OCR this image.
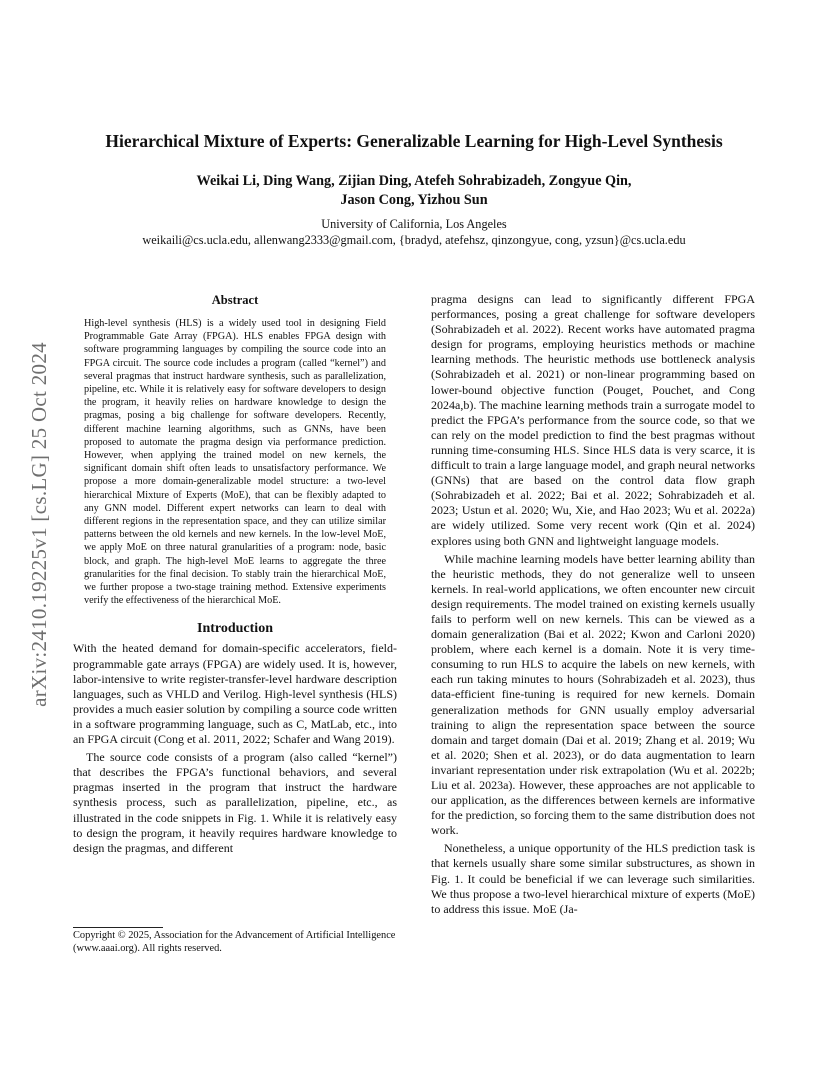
arXiv:2410.19225v1 [cs.LG] 25 Oct 2024
Hierarchical Mixture of Experts: Generalizable Learning for High-Level Synthesis
Weikai Li, Ding Wang, Zijian Ding, Atefeh Sohrabizadeh, Zongyue Qin,
Jason Cong, Yizhou Sun
University of California, Los Angeles
weikaili@cs.ucla.edu, allenwang2333@gmail.com, {bradyd, atefehsz, qinzongyue, cong, yzsun}@cs.ucla.edu
Abstract

High-level synthesis (HLS) is a widely used tool in designing Field Programmable Gate Array (FPGA). HLS enables FPGA design with software programming languages by compiling the source code into an FPGA circuit. The source code includes a program (called “kernel”) and several pragmas that instruct hardware synthesis, such as parallelization, pipeline, etc. While it is relatively easy for software developers to design the program, it heavily relies on hardware knowledge to design the pragmas, posing a big challenge for software developers. Recently, different machine learning algorithms, such as GNNs, have been proposed to automate the pragma design via performance prediction. However, when applying the trained model on new kernels, the significant domain shift often leads to unsatisfactory performance. We propose a more domain-generalizable model structure: a two-level hierarchical Mixture of Experts (MoE), that can be flexibly adapted to any GNN model. Different expert networks can learn to deal with different regions in the representation space, and they can utilize similar patterns between the old kernels and new kernels. In the low-level MoE, we apply MoE on three natural granularities of a program: node, basic block, and graph. The high-level MoE learns to aggregate the three granularities for the final decision. To stably train the hierarchical MoE, we further propose a two-stage training method. Extensive experiments verify the effectiveness of the hierarchical MoE.

Introduction

With the heated demand for domain-specific accelerators, field-programmable gate arrays (FPGA) are widely used. It is, however, labor-intensive to write register-transfer-level hardware description languages, such as VHLD and Verilog. High-level synthesis (HLS) provides a much easier solution by compiling a source code written in a software programming language, such as C, MatLab, etc., into an FPGA circuit (Cong et al. 2011, 2022; Schafer and Wang 2019).

The source code consists of a program (also called “kernel”) that describes the FPGA’s functional behaviors, and several pragmas inserted in the program that instruct the hardware synthesis process, such as parallelization, pipeline, etc., as illustrated in the code snippets in Fig. 1. While it is relatively easy to design the program, it heavily requires hardware knowledge to design the pragmas, and different

pragma designs can lead to significantly different FPGA performances, posing a great challenge for software developers (Sohrabizadeh et al. 2022). Recent works have automated pragma design for programs, employing heuristics methods or machine learning methods. The heuristic methods use bottleneck analysis (Sohrabizadeh et al. 2021) or non-linear programming based on lower-bound objective function (Pouget, Pouchet, and Cong 2024a,b). The machine learning methods train a surrogate model to predict the FPGA’s performance from the source code, so that we can rely on the model prediction to find the best pragmas without running time-consuming HLS. Since HLS data is very scarce, it is difficult to train a large language model, and graph neural networks (GNNs) that are based on the control data flow graph (Sohrabizadeh et al. 2022; Bai et al. 2022; Sohrabizadeh et al. 2023; Ustun et al. 2020; Wu, Xie, and Hao 2023; Wu et al. 2022a) are widely utilized. Some very recent work (Qin et al. 2024) explores using both GNN and lightweight language models.

While machine learning models have better learning ability than the heuristic methods, they do not generalize well to unseen kernels. In real-world applications, we often encounter new circuit design requirements. The model trained on existing kernels usually fails to perform well on new kernels. This can be viewed as a domain generalization (Bai et al. 2022; Kwon and Carloni 2020) problem, where each kernel is a domain. Note it is very time-consuming to run HLS to acquire the labels on new kernels, with each run taking minutes to hours (Sohrabizadeh et al. 2023), thus data-efficient fine-tuning is required for new kernels. Domain generalization methods for GNN usually employ adversarial training to align the representation space between the source domain and target domain (Dai et al. 2019; Zhang et al. 2019; Wu et al. 2020; Shen et al. 2023), or do data augmentation to learn invariant representation under risk extrapolation (Wu et al. 2022b; Liu et al. 2023a). However, these approaches are not applicable to our application, as the differences between kernels are informative for the prediction, so forcing them to the same distribution does not work.

Nonetheless, a unique opportunity of the HLS prediction task is that kernels usually share some similar substructures, as shown in Fig. 1. It could be beneficial if we can leverage such similarities. We thus propose a two-level hierarchical mixture of experts (MoE) to address this issue. MoE (Ja-

Copyright © 2025, Association for the Advancement of Artificial Intelligence (www.aaai.org). All rights reserved.
